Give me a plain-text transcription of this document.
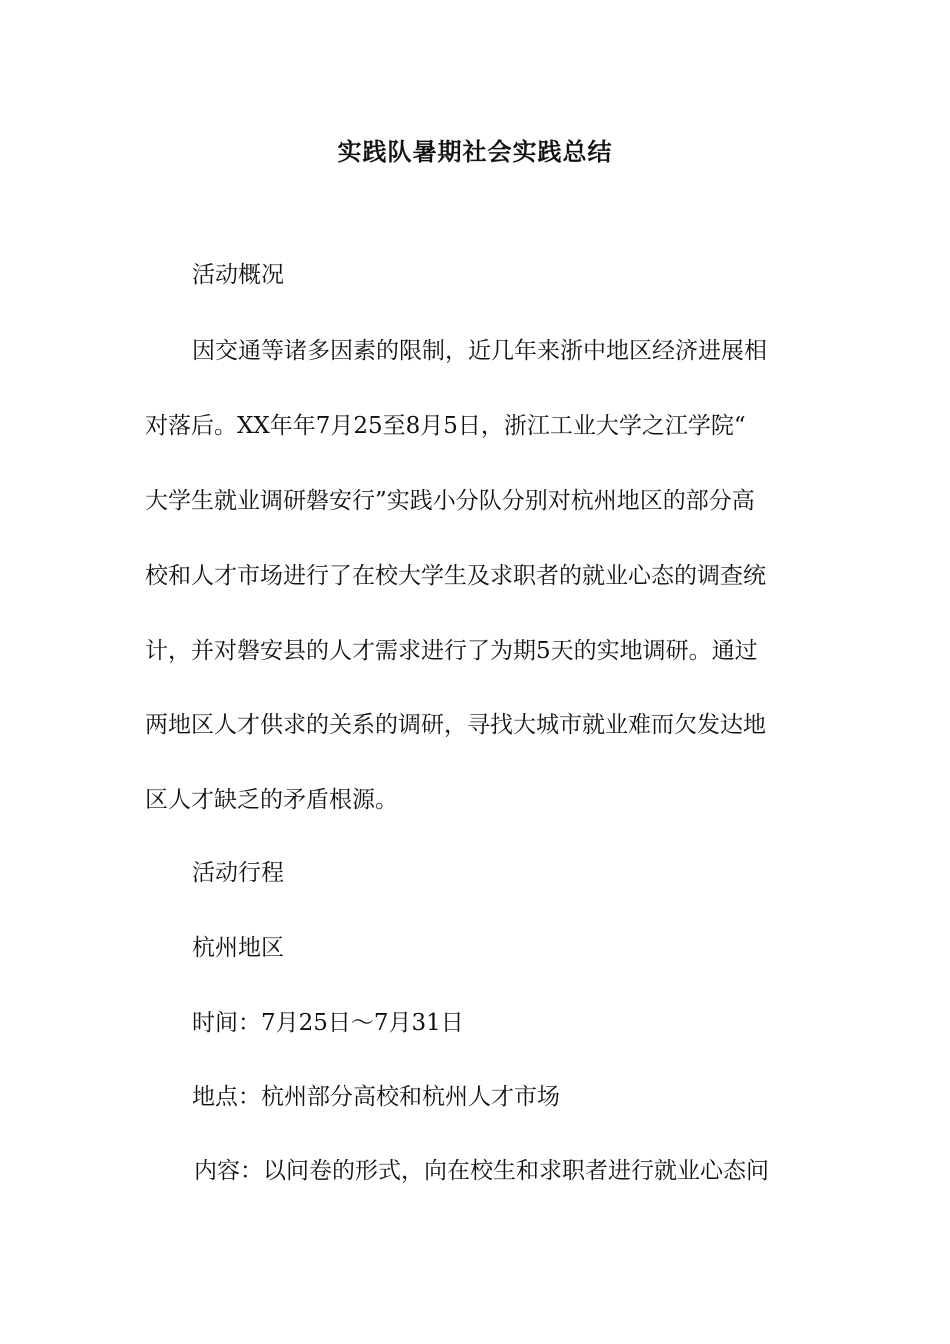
实践队暑期社会实践总结
活动概况
因交通等诸多因素的限制，近几年来浙中地区经济进展相
对落后。XX年年7月25至8月5日，浙江工业大学之江学院“
大学生就业调研磐安行”实践小分队分别对杭州地区的部分高
校和人才市场进行了在校大学生及求职者的就业心态的调查统
计，并对磐安县的人才需求进行了为期5天的实地调研。通过
两地区人才供求的关系的调研，寻找大城市就业难而欠发达地
区人才缺乏的矛盾根源。
活动行程
杭州地区
时间：7月25日～7月31日
地点：杭州部分高校和杭州人才市场
内容：以问卷的形式，向在校生和求职者进行就业心态问
